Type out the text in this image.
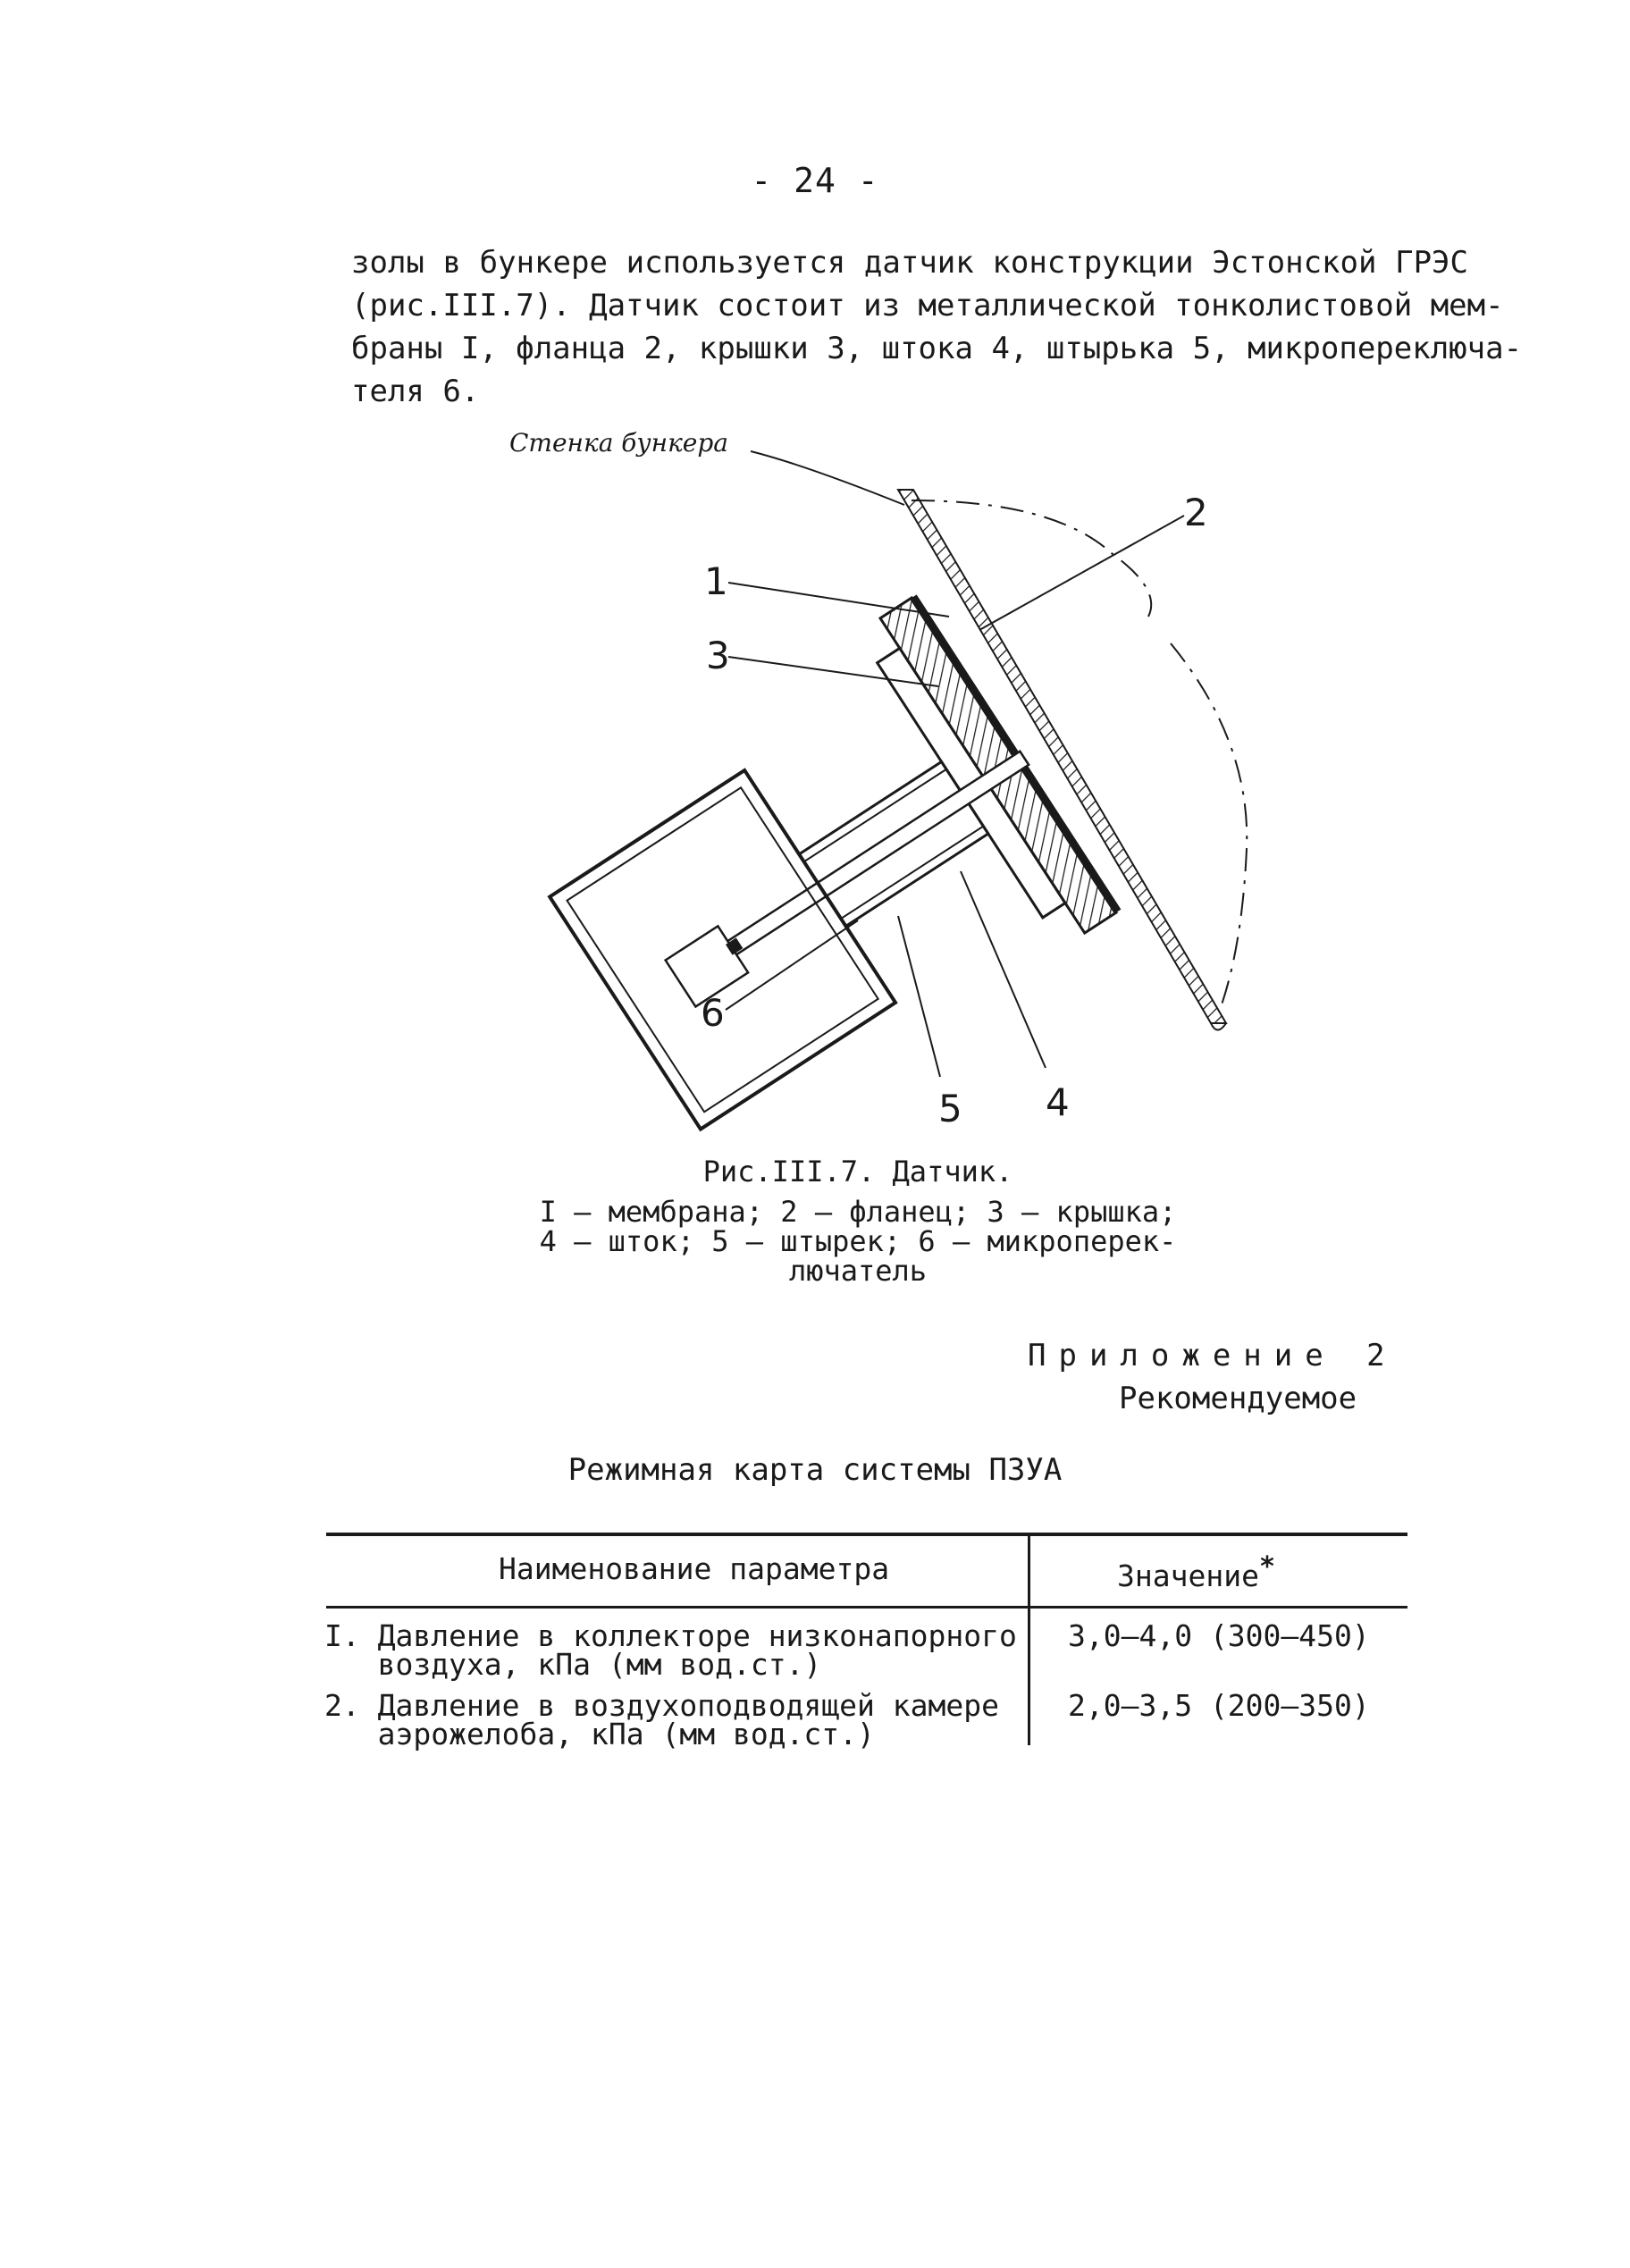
- 24 -
золы в бункере используется датчик конструкции Эстонской ГРЭС
(рис.III.7). Датчик состоит из металлической тонколистовой мем-
браны I, фланца 2, крышки 3, штока 4, штырька 5, микропереключа-
теля 6.
Стенка бункера
1
2
3
4
5
6
Рис.III.7. Датчик.
I – мембрана; 2 – фланец; 3 – крышка;
4 – шток; 5 – штырек; 6 – микроперек-
лючатель
Приложение 2
Рекомендуемое
Режимная карта системы ПЗУА
Наименование параметра	Значение*
I. Давление в коллекторе низконапорного
воздуха, кПа (мм вод.ст.)
3,0–4,0 (300–450)
2. Давление в воздухоподводящей камере
аэрожелоба, кПа (мм вод.ст.)
2,0–3,5 (200–350)
